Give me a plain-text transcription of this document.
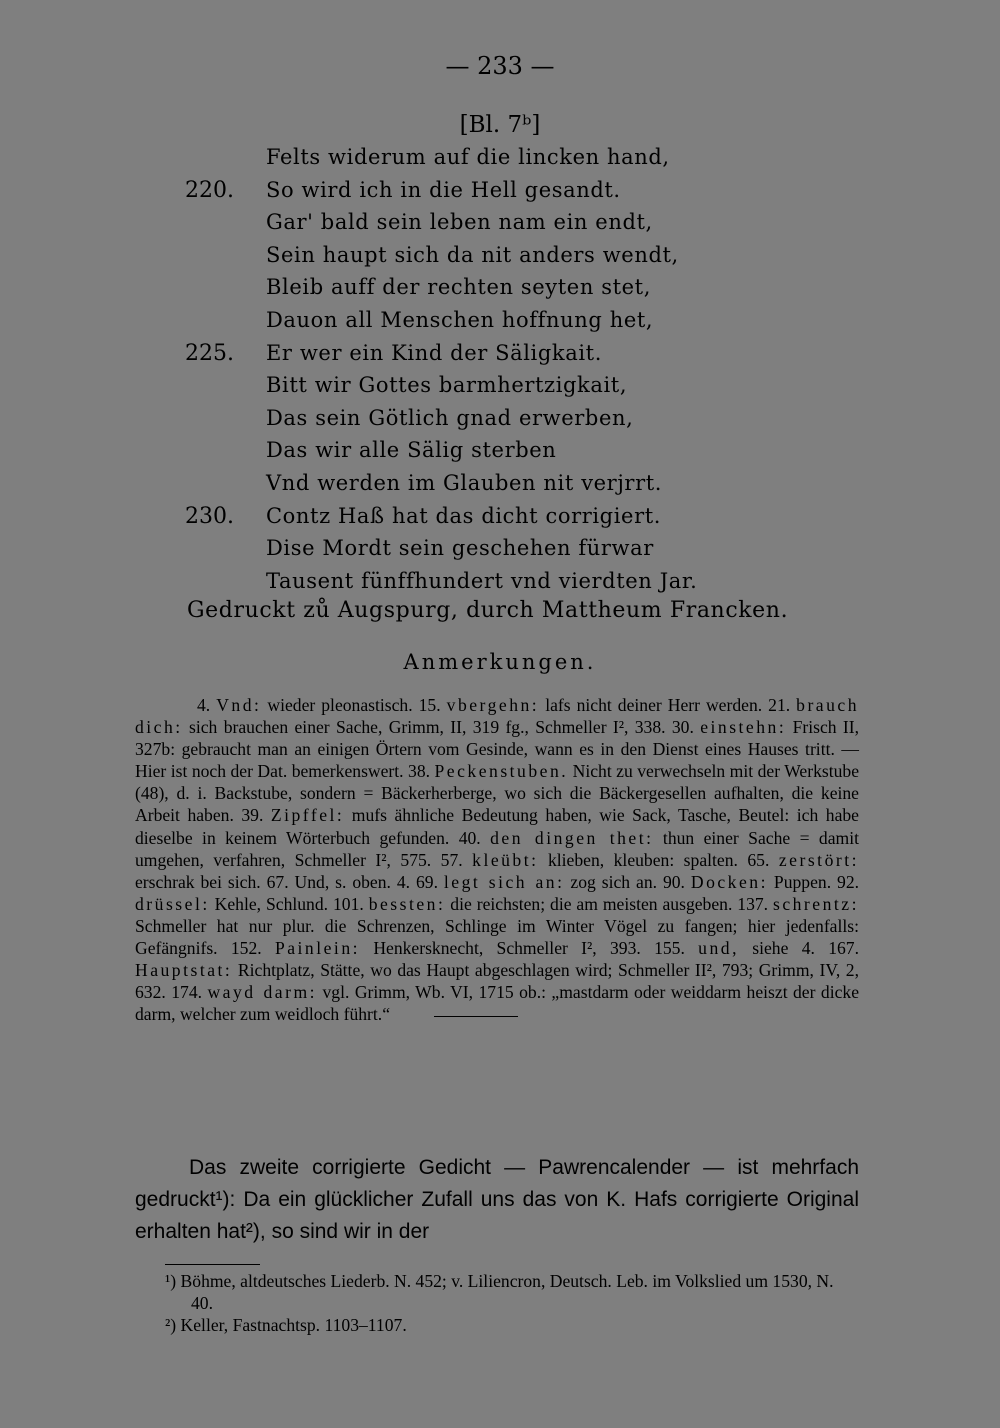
— 233 —
[Bl. 7ᵇ]
Felts widerum auf die lincken hand,
220. So wird ich in die Hell gesandt.
Gar' bald sein leben nam ein endt,
Sein haupt sich da nit anders wendt,
Bleib auff der rechten seyten stet,
Dauon all Menschen hoffnung het,
225. Er wer ein Kind der Säligkait.
Bitt wir Gottes barmhertzigkait,
Das sein Götlich gnad erwerben,
Das wir alle Sälig sterben
Vnd werden im Glauben nit verjrrt.
230. Contz Haß hat das dicht corrigiert.
Dise Mordt sein geschehen fürwar
Tausent fünffhundert vnd vierdten Jar.
Gedruckt zů Augspurg, durch Mattheum Francken.
Anmerkungen.

4. Vnd: wieder pleonastisch. 15. vbergehn: lafs nicht deiner Herr werden. 21. brauch dich: sich brauchen einer Sache, Grimm, II, 319 fg., Schmeller I², 338. 30. einstehn: Frisch II, 327b: gebraucht man an einigen Örtern vom Gesinde, wann es in den Dienst eines Hauses tritt. — Hier ist noch der Dat. bemerkenswert. 38. Peckenstuben. Nicht zu verwechseln mit der Werkstube (48), d. i. Backstube, sondern = Bäckerherberge, wo sich die Bäckergesellen aufhalten, die keine Arbeit haben. 39. Zipffel: mufs ähnliche Bedeutung haben, wie Sack, Tasche, Beutel: ich habe dieselbe in keinem Wörterbuch gefunden. 40. den dingen thet: thun einer Sache = damit umgehen, verfahren, Schmeller I², 575. 57. kleübt: klieben, kleuben: spalten. 65. zerstört: erschrak bei sich. 67. Und, s. oben. 4. 69. legt sich an: zog sich an. 90. Docken: Puppen. 92. drüssel: Kehle, Schlund. 101. bessten: die reichsten; die am meisten ausgeben. 137. schrentz: Schmeller hat nur plur. die Schrenzen, Schlinge im Winter Vögel zu fangen; hier jedenfalls: Gefängnifs. 152. Painlein: Henkersknecht, Schmeller I², 393. 155. und, siehe 4. 167. Hauptstat: Richtplatz, Stätte, wo das Haupt abgeschlagen wird; Schmeller II², 793; Grimm, IV, 2, 632. 174. wayd darm: vgl. Grimm, Wb. VI, 1715 ob.: „mastdarm oder weiddarm heiszt der dicke darm, welcher zum weidloch führt.“

Das zweite corrigierte Gedicht — Pawrencalender — ist mehrfach gedruckt¹): Da ein glücklicher Zufall uns das von K. Hafs corrigierte Original erhalten hat²), so sind wir in der

¹) Böhme, altdeutsches Liederb. N. 452; v. Liliencron, Deutsch. Leb. im Volkslied um 1530, N. 40.

²) Keller, Fastnachtsp. 1103–1107.
